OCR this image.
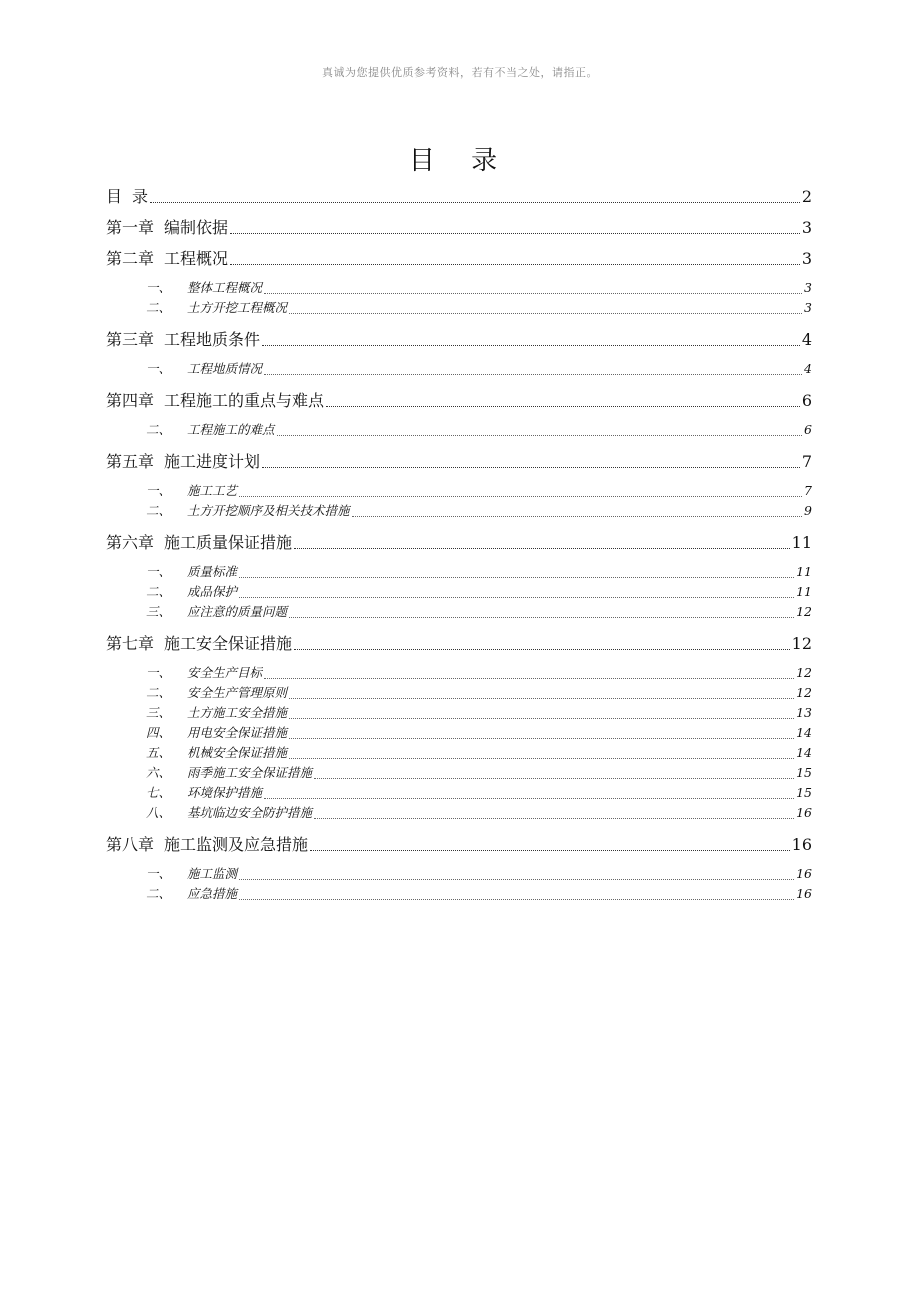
真诚为您提供优质参考资料，若有不当之处，请指正。
目 录
目 录	2
第一章 编制依据	3
第二章 工程概况	3
一、 整体工程概况	3
二、 土方开挖工程概况	3
第三章 工程地质条件	4
一、 工程地质情况	4
第四章 工程施工的重点与难点	6
二、 工程施工的难点	6
第五章 施工进度计划	7
一、 施工工艺	7
二、 土方开挖顺序及相关技术措施	9
第六章 施工质量保证措施	11
一、 质量标准	11
二、 成品保护	11
三、 应注意的质量问题	12
第七章 施工安全保证措施	12
一、 安全生产目标	12
二、 安全生产管理原则	12
三、 土方施工安全措施	13
四、 用电安全保证措施	14
五、 机械安全保证措施	14
六、 雨季施工安全保证措施	15
七、 环境保护措施	15
八、 基坑临边安全防护措施	16
第八章 施工监测及应急措施	16
一、 施工监测	16
二、 应急措施	16
